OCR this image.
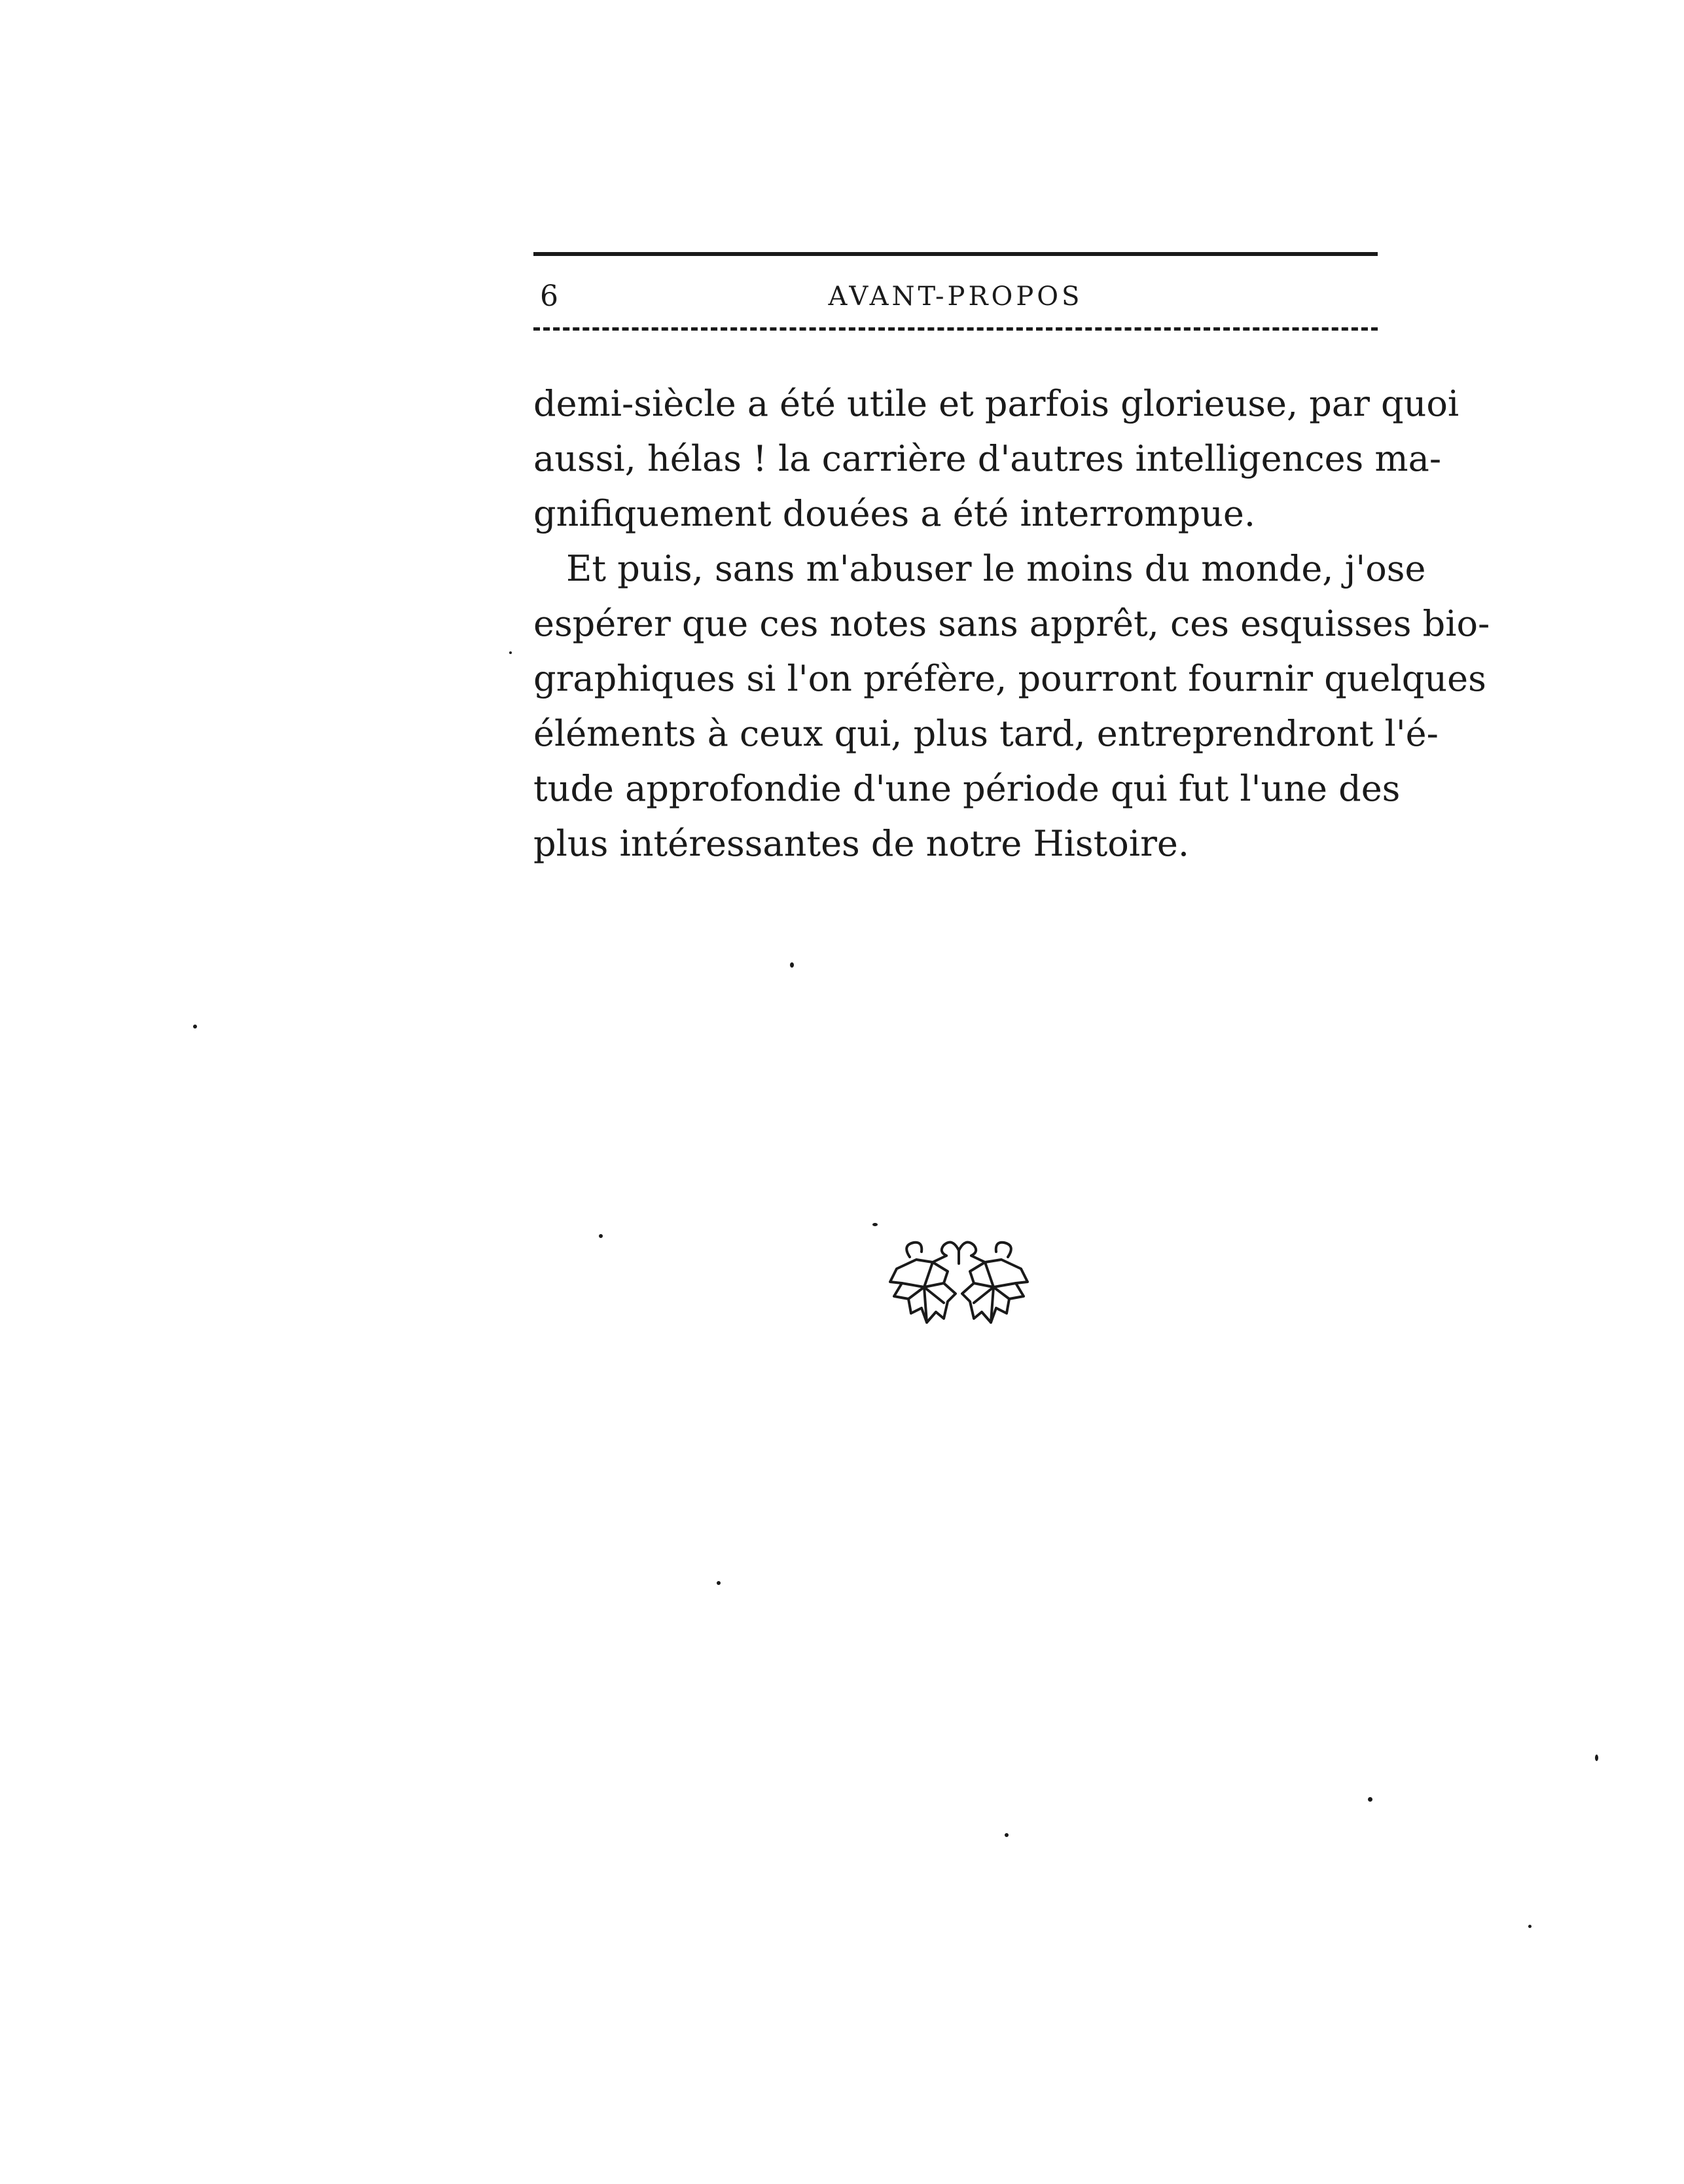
6	AVANT-PROPOS
demi-siècle a été utile et parfois glorieuse, par quoi
aussi, hélas ! la carrière d'autres intelligences ma-
gnifiquement douées a été interrompue.
Et puis, sans m'abuser le moins du monde, j'ose
espérer que ces notes sans apprêt, ces esquisses bio-
graphiques si l'on préfère, pourront fournir quelques
éléments à ceux qui, plus tard, entreprendront l'é-
tude approfondie d'une période qui fut l'une des
plus intéressantes de notre Histoire.
